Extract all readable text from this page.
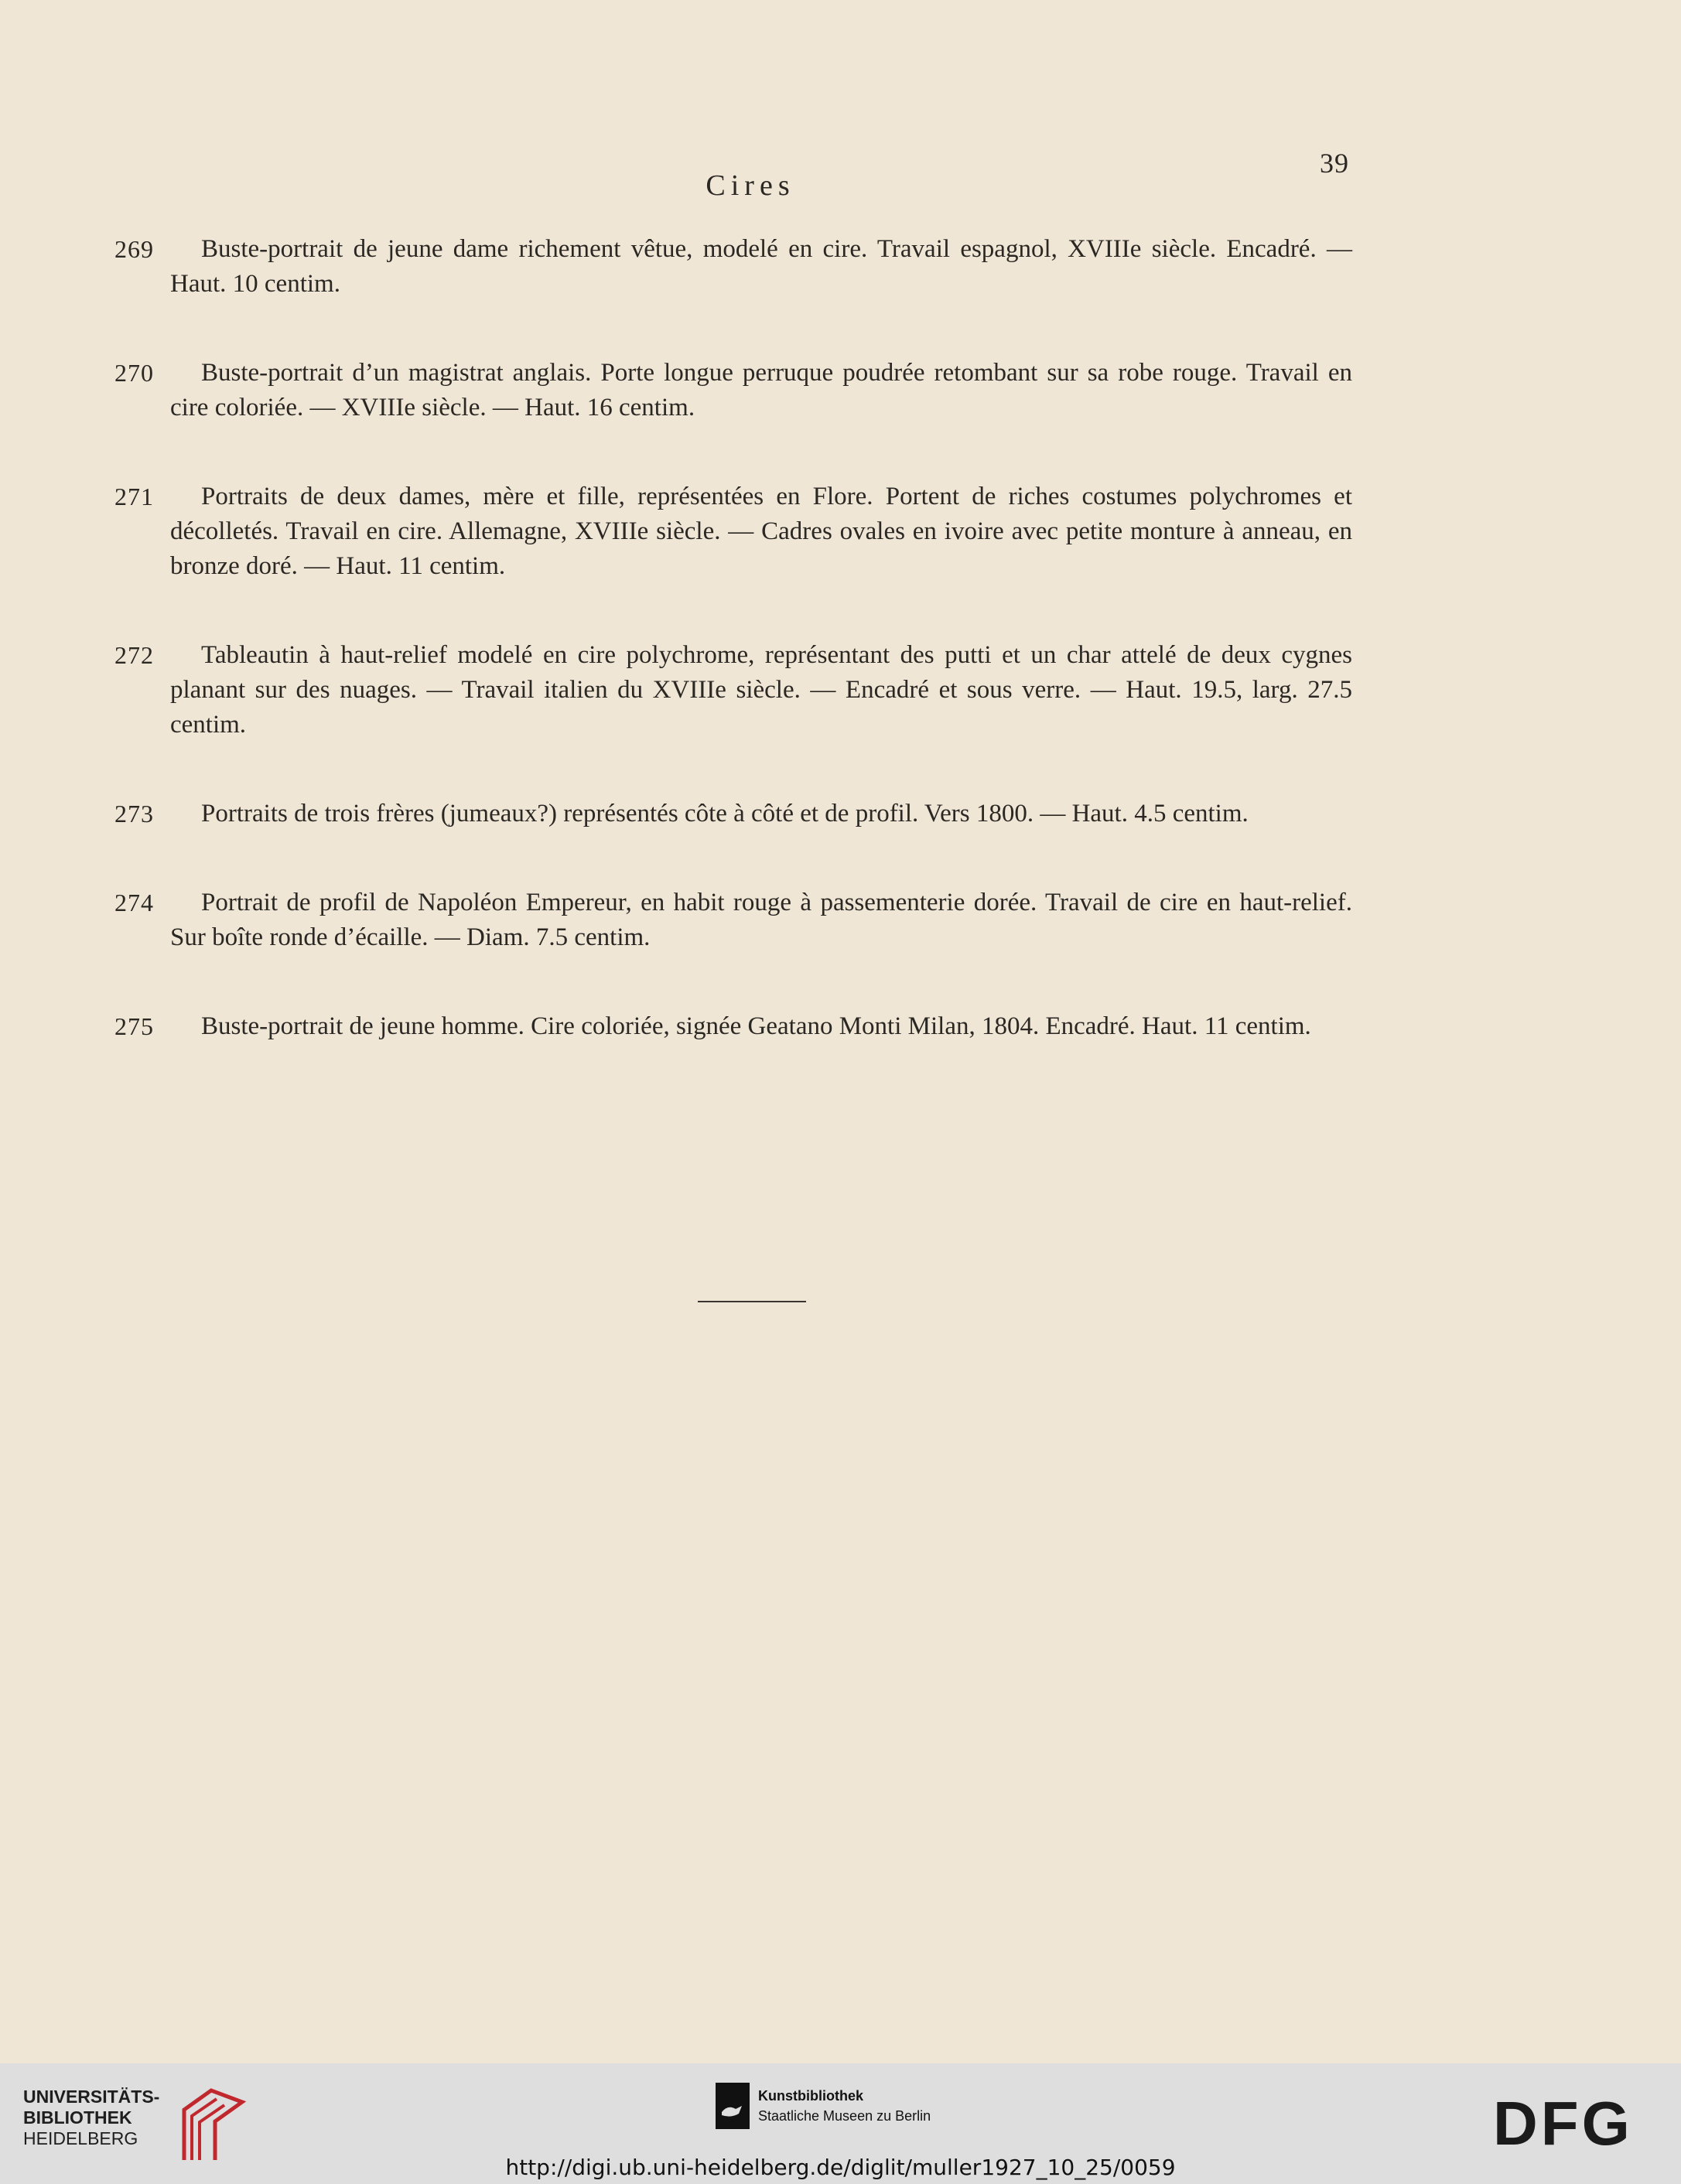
39
Cires
269	Buste-portrait de jeune dame richement vêtue, modelé en cire. Travail espagnol, XVIIIe siècle. Encadré. — Haut. 10 centim.
270	Buste-portrait d’un magistrat anglais. Porte longue perruque poudrée retombant sur sa robe rouge. Travail en cire coloriée. — XVIIIe siècle. — Haut. 16 centim.
271	Portraits de deux dames, mère et fille, représentées en Flore. Portent de riches costumes polychromes et décolletés. Travail en cire. Allemagne, XVIIIe siècle. — Cadres ovales en ivoire avec petite monture à anneau, en bronze doré. — Haut. 11 centim.
272	Tableautin à haut-relief modelé en cire polychrome, représentant des putti et un char attelé de deux cygnes planant sur des nuages. — Travail italien du XVIIIe siècle. — Encadré et sous verre. — Haut. 19.5, larg. 27.5 centim.
273	Portraits de trois frères (jumeaux?) représentés côte à côté et de profil. Vers 1800. — Haut. 4.5 centim.
274	Portrait de profil de Napoléon Empereur, en habit rouge à passementerie dorée. Travail de cire en haut-relief. Sur boîte ronde d’écaille. — Diam. 7.5 centim.
275	Buste-portrait de jeune homme. Cire coloriée, signée Geatano Monti Milan, 1804. Encadré. Haut. 11 centim.
UNIVERSITÄTS-
BIBLIOTHEK
HEIDELBERG
Kunstbibliothek
Staatliche Museen zu Berlin	DFG
http://digi.ub.uni-heidelberg.de/diglit/muller1927_10_25/0059
